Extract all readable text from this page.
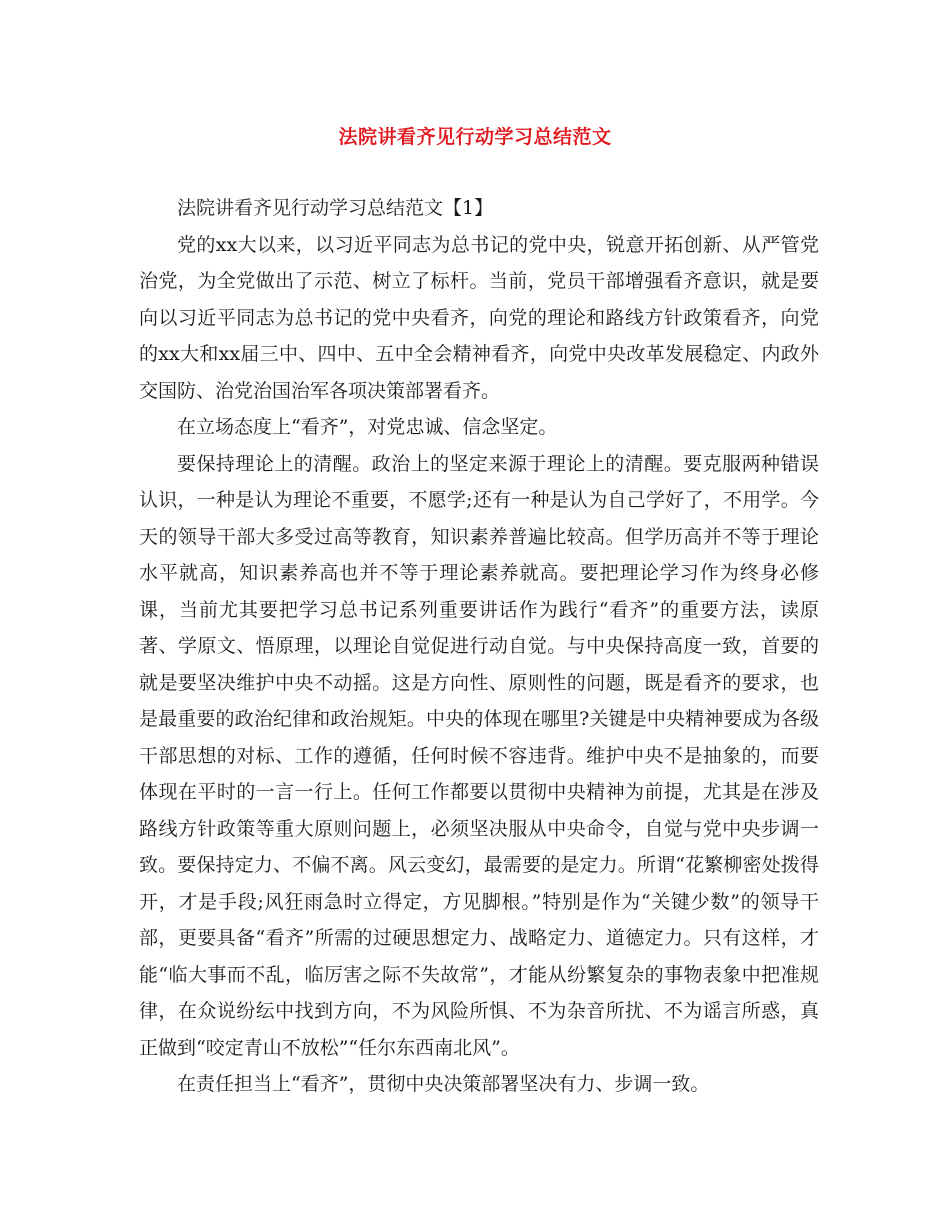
法院讲看齐见行动学习总结范文

法院讲看齐见行动学习总结范文【1】

党的xx大以来，以习近平同志为总书记的党中央，锐意开拓创新、从严管党治党，为全党做出了示范、树立了标杆。当前，党员干部增强看齐意识，就是要向以习近平同志为总书记的党中央看齐，向党的理论和路线方针政策看齐，向党的xx大和xx届三中、四中、五中全会精神看齐，向党中央改革发展稳定、内政外交国防、治党治国治军各项决策部署看齐。

在立场态度上“看齐”，对党忠诚、信念坚定。

要保持理论上的清醒。政治上的坚定来源于理论上的清醒。要克服两种错误认识，一种是认为理论不重要，不愿学;还有一种是认为自己学好了，不用学。今天的领导干部大多受过高等教育，知识素养普遍比较高。但学历高并不等于理论水平就高，知识素养高也并不等于理论素养就高。要把理论学习作为终身必修课，当前尤其要把学习总书记系列重要讲话作为践行“看齐”的重要方法，读原著、学原文、悟原理，以理论自觉促进行动自觉。与中央保持高度一致，首要的就是要坚决维护中央不动摇。这是方向性、原则性的问题，既是看齐的要求，也是最重要的政治纪律和政治规矩。中央的体现在哪里?关键是中央精神要成为各级干部思想的对标、工作的遵循，任何时候不容违背。维护中央不是抽象的，而要体现在平时的一言一行上。任何工作都要以贯彻中央精神为前提，尤其是在涉及路线方针政策等重大原则问题上，必须坚决服从中央命令，自觉与党中央步调一致。要保持定力、不偏不离。风云变幻，最需要的是定力。所谓“花繁柳密处拨得开，才是手段;风狂雨急时立得定，方见脚根。”特别是作为“关键少数”的领导干部，更要具备“看齐”所需的过硬思想定力、战略定力、道德定力。只有这样，才能“临大事而不乱，临厉害之际不失故常”，才能从纷繁复杂的事物表象中把准规律，在众说纷纭中找到方向，不为风险所惧、不为杂音所扰、不为谣言所惑，真正做到“咬定青山不放松”“任尔东西南北风”。

在责任担当上“看齐”，贯彻中央决策部署坚决有力、步调一致。
